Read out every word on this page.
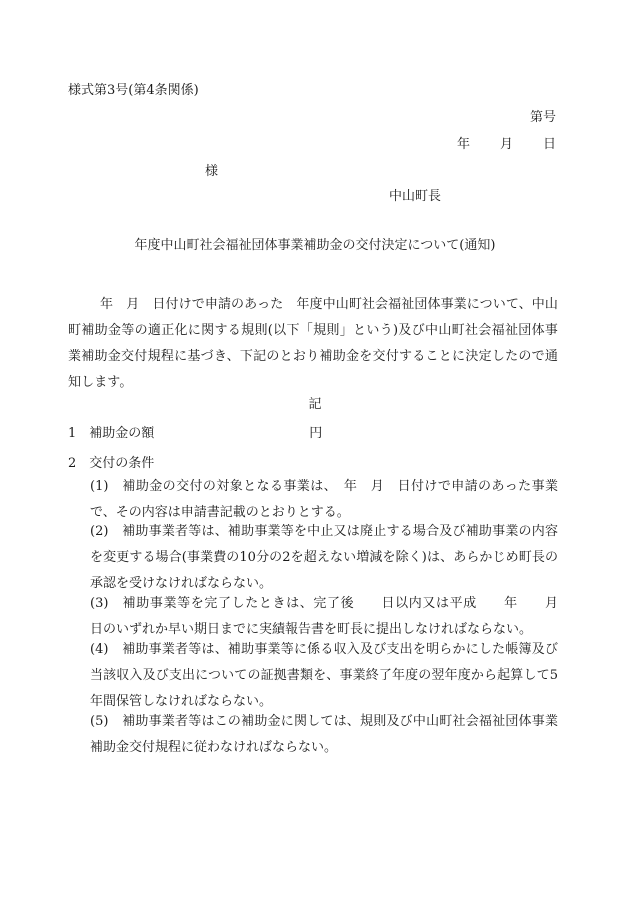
様式第3号(第4条関係)
第号
年 月 日
様
中山町長
年度中山町社会福祉団体事業補助金の交付決定について(通知)
年　月　日付けで申請のあった　年度中山町社会福祉団体事業について、中山町補助金等の適正化に関する規則(以下「規則」という)及び中山町社会福祉団体事業補助金交付規程に基づき、下記のとおり補助金を交付することに決定したので通知します。
記
1　補助金の額	円
2　交付の条件
(1) 補助金の交付の対象となる事業は、　年　月　日付けで申請のあった事業で、その内容は申請書記載のとおりとする。
(2) 補助事業者等は、補助事業等を中止又は廃止する場合及び補助事業の内容を変更する場合(事業費の10分の2を超えない増減を除く)は、あらかじめ町長の承認を受けなければならない。
(3) 補助事業等を完了したときは、完了後　　日以内又は平成　　年　　月　　日のいずれか早い期日までに実績報告書を町長に提出しなければならない。
(4) 補助事業者等は、補助事業等に係る収入及び支出を明らかにした帳簿及び当該収入及び支出についての証拠書類を、事業終了年度の翌年度から起算して5年間保管しなければならない。
(5) 補助事業者等はこの補助金に関しては、規則及び中山町社会福祉団体事業補助金交付規程に従わなければならない。
